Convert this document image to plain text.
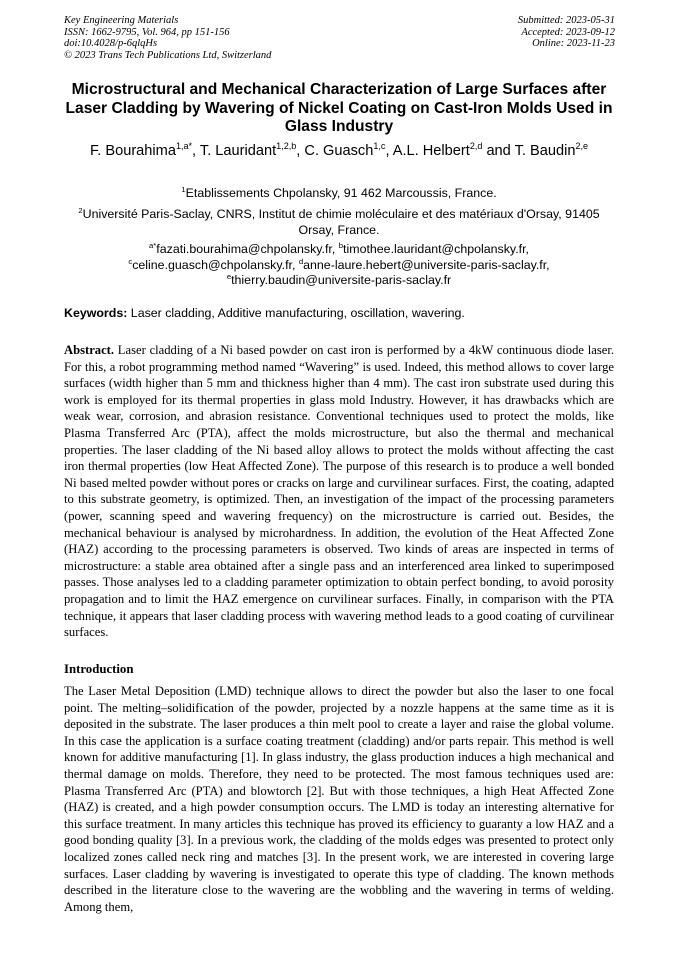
Key Engineering Materials
ISSN: 1662-9795, Vol. 964, pp 151-156
doi:10.4028/p-6qlqHs
© 2023 Trans Tech Publications Ltd, Switzerland
Submitted: 2023-05-31
Accepted: 2023-09-12
Online: 2023-11-23
Microstructural and Mechanical Characterization of Large Surfaces after Laser Cladding by Wavering of Nickel Coating on Cast-Iron Molds Used in Glass Industry
F. Bourahima$^{1,a*}$, T. Lauridant$^{1,2,b}$, C. Guasch$^{1,c}$, A.L. Helbert$^{2,d}$ and T. Baudin$^{2,e}$
$^1$Etablissements Chpolansky, 91 462 Marcoussis, France.
$^2$Université Paris-Saclay, CNRS, Institut de chimie moléculaire et des matériaux d'Orsay, 91405 Orsay, France.
$^{a*}$fazati.bourahima@chpolansky.fr, $^b$timothee.lauridant@chpolansky.fr,
$^c$celine.guasch@chpolansky.fr, $^d$anne-laure.hebert@universite-paris-saclay.fr,
$^e$thierry.baudin@universite-paris-saclay.fr
Keywords: Laser cladding, Additive manufacturing, oscillation, wavering.
Abstract. Laser cladding of a Ni based powder on cast iron is performed by a 4kW continuous diode laser. For this, a robot programming method named “Wavering” is used. Indeed, this method allows to cover large surfaces (width higher than 5 mm and thickness higher than 4 mm). The cast iron substrate used during this work is employed for its thermal properties in glass mold Industry. However, it has drawbacks which are weak wear, corrosion, and abrasion resistance. Conventional techniques used to protect the molds, like Plasma Transferred Arc (PTA), affect the molds microstructure, but also the thermal and mechanical properties. The laser cladding of the Ni based alloy allows to protect the molds without affecting the cast iron thermal properties (low Heat Affected Zone). The purpose of this research is to produce a well bonded Ni based melted powder without pores or cracks on large and curvilinear surfaces. First, the coating, adapted to this substrate geometry, is optimized. Then, an investigation of the impact of the processing parameters (power, scanning speed and wavering frequency) on the microstructure is carried out. Besides, the mechanical behaviour is analysed by microhardness. In addition, the evolution of the Heat Affected Zone (HAZ) according to the processing parameters is observed. Two kinds of areas are inspected in terms of microstructure: a stable area obtained after a single pass and an interferenced area linked to superimposed passes. Those analyses led to a cladding parameter optimization to obtain perfect bonding, to avoid porosity propagation and to limit the HAZ emergence on curvilinear surfaces. Finally, in comparison with the PTA technique, it appears that laser cladding process with wavering method leads to a good coating of curvilinear surfaces.
Introduction
The Laser Metal Deposition (LMD) technique allows to direct the powder but also the laser to one focal point. The melting–solidification of the powder, projected by a nozzle happens at the same time as it is deposited in the substrate. The laser produces a thin melt pool to create a layer and raise the global volume. In this case the application is a surface coating treatment (cladding) and/or parts repair. This method is well known for additive manufacturing [1]. In glass industry, the glass production induces a high mechanical and thermal damage on molds. Therefore, they need to be protected. The most famous techniques used are: Plasma Transferred Arc (PTA) and blowtorch [2]. But with those techniques, a high Heat Affected Zone (HAZ) is created, and a high powder consumption occurs. The LMD is today an interesting alternative for this surface treatment. In many articles this technique has proved its efficiency to guaranty a low HAZ and a good bonding quality [3]. In a previous work, the cladding of the molds edges was presented to protect only localized zones called neck ring and matches [3]. In the present work, we are interested in covering large surfaces. Laser cladding by wavering is investigated to operate this type of cladding. The known methods described in the literature close to the wavering are the wobbling and the wavering in terms of welding. Among them,
